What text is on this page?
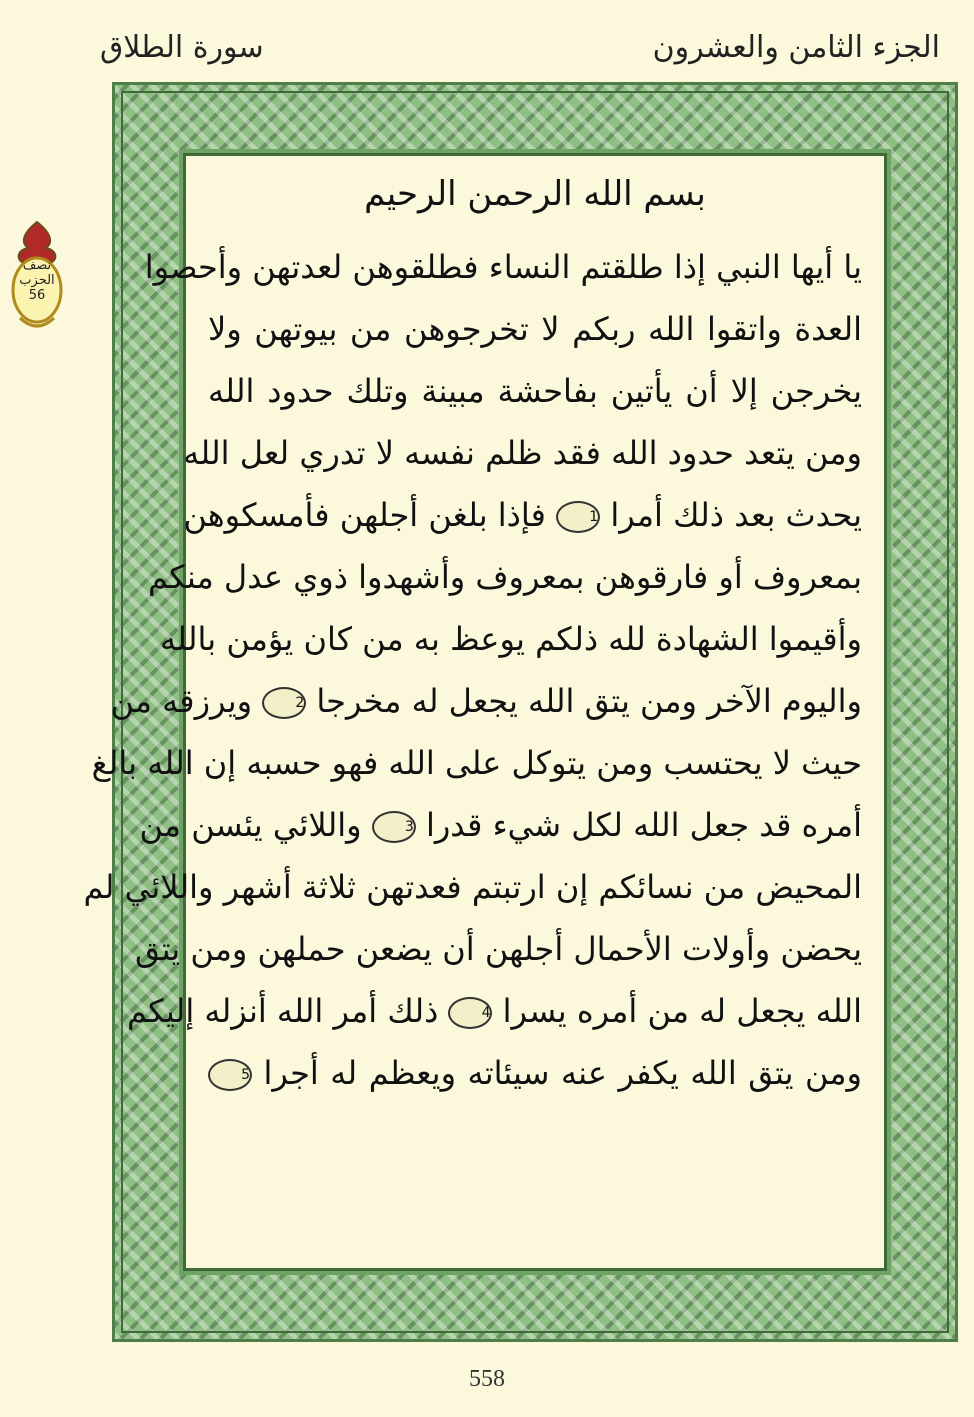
الجزء الثامن والعشرون
سورة الطلاق
نصف
الحزب
56
بسم الله الرحمن الرحيم
يا أيها النبي إذا طلقتم النساء فطلقوهن لعدتهن وأحصوا
العدة واتقوا الله ربكم لا تخرجوهن من بيوتهن ولا
يخرجن إلا أن يأتين بفاحشة مبينة وتلك حدود الله
ومن يتعد حدود الله فقد ظلم نفسه لا تدري لعل الله
يحدث بعد ذلك أمرا 1 فإذا بلغن أجلهن فأمسكوهن
بمعروف أو فارقوهن بمعروف وأشهدوا ذوي عدل منكم
وأقيموا الشهادة لله ذلكم يوعظ به من كان يؤمن بالله
واليوم الآخر ومن يتق الله يجعل له مخرجا 2 ويرزقه من
حيث لا يحتسب ومن يتوكل على الله فهو حسبه إن الله بالغ
أمره قد جعل الله لكل شيء قدرا 3 واللائي يئسن من
المحيض من نسائكم إن ارتبتم فعدتهن ثلاثة أشهر واللائي لم
يحضن وأولات الأحمال أجلهن أن يضعن حملهن ومن يتق
الله يجعل له من أمره يسرا 4 ذلك أمر الله أنزله إليكم
ومن يتق الله يكفر عنه سيئاته ويعظم له أجرا 5
558
